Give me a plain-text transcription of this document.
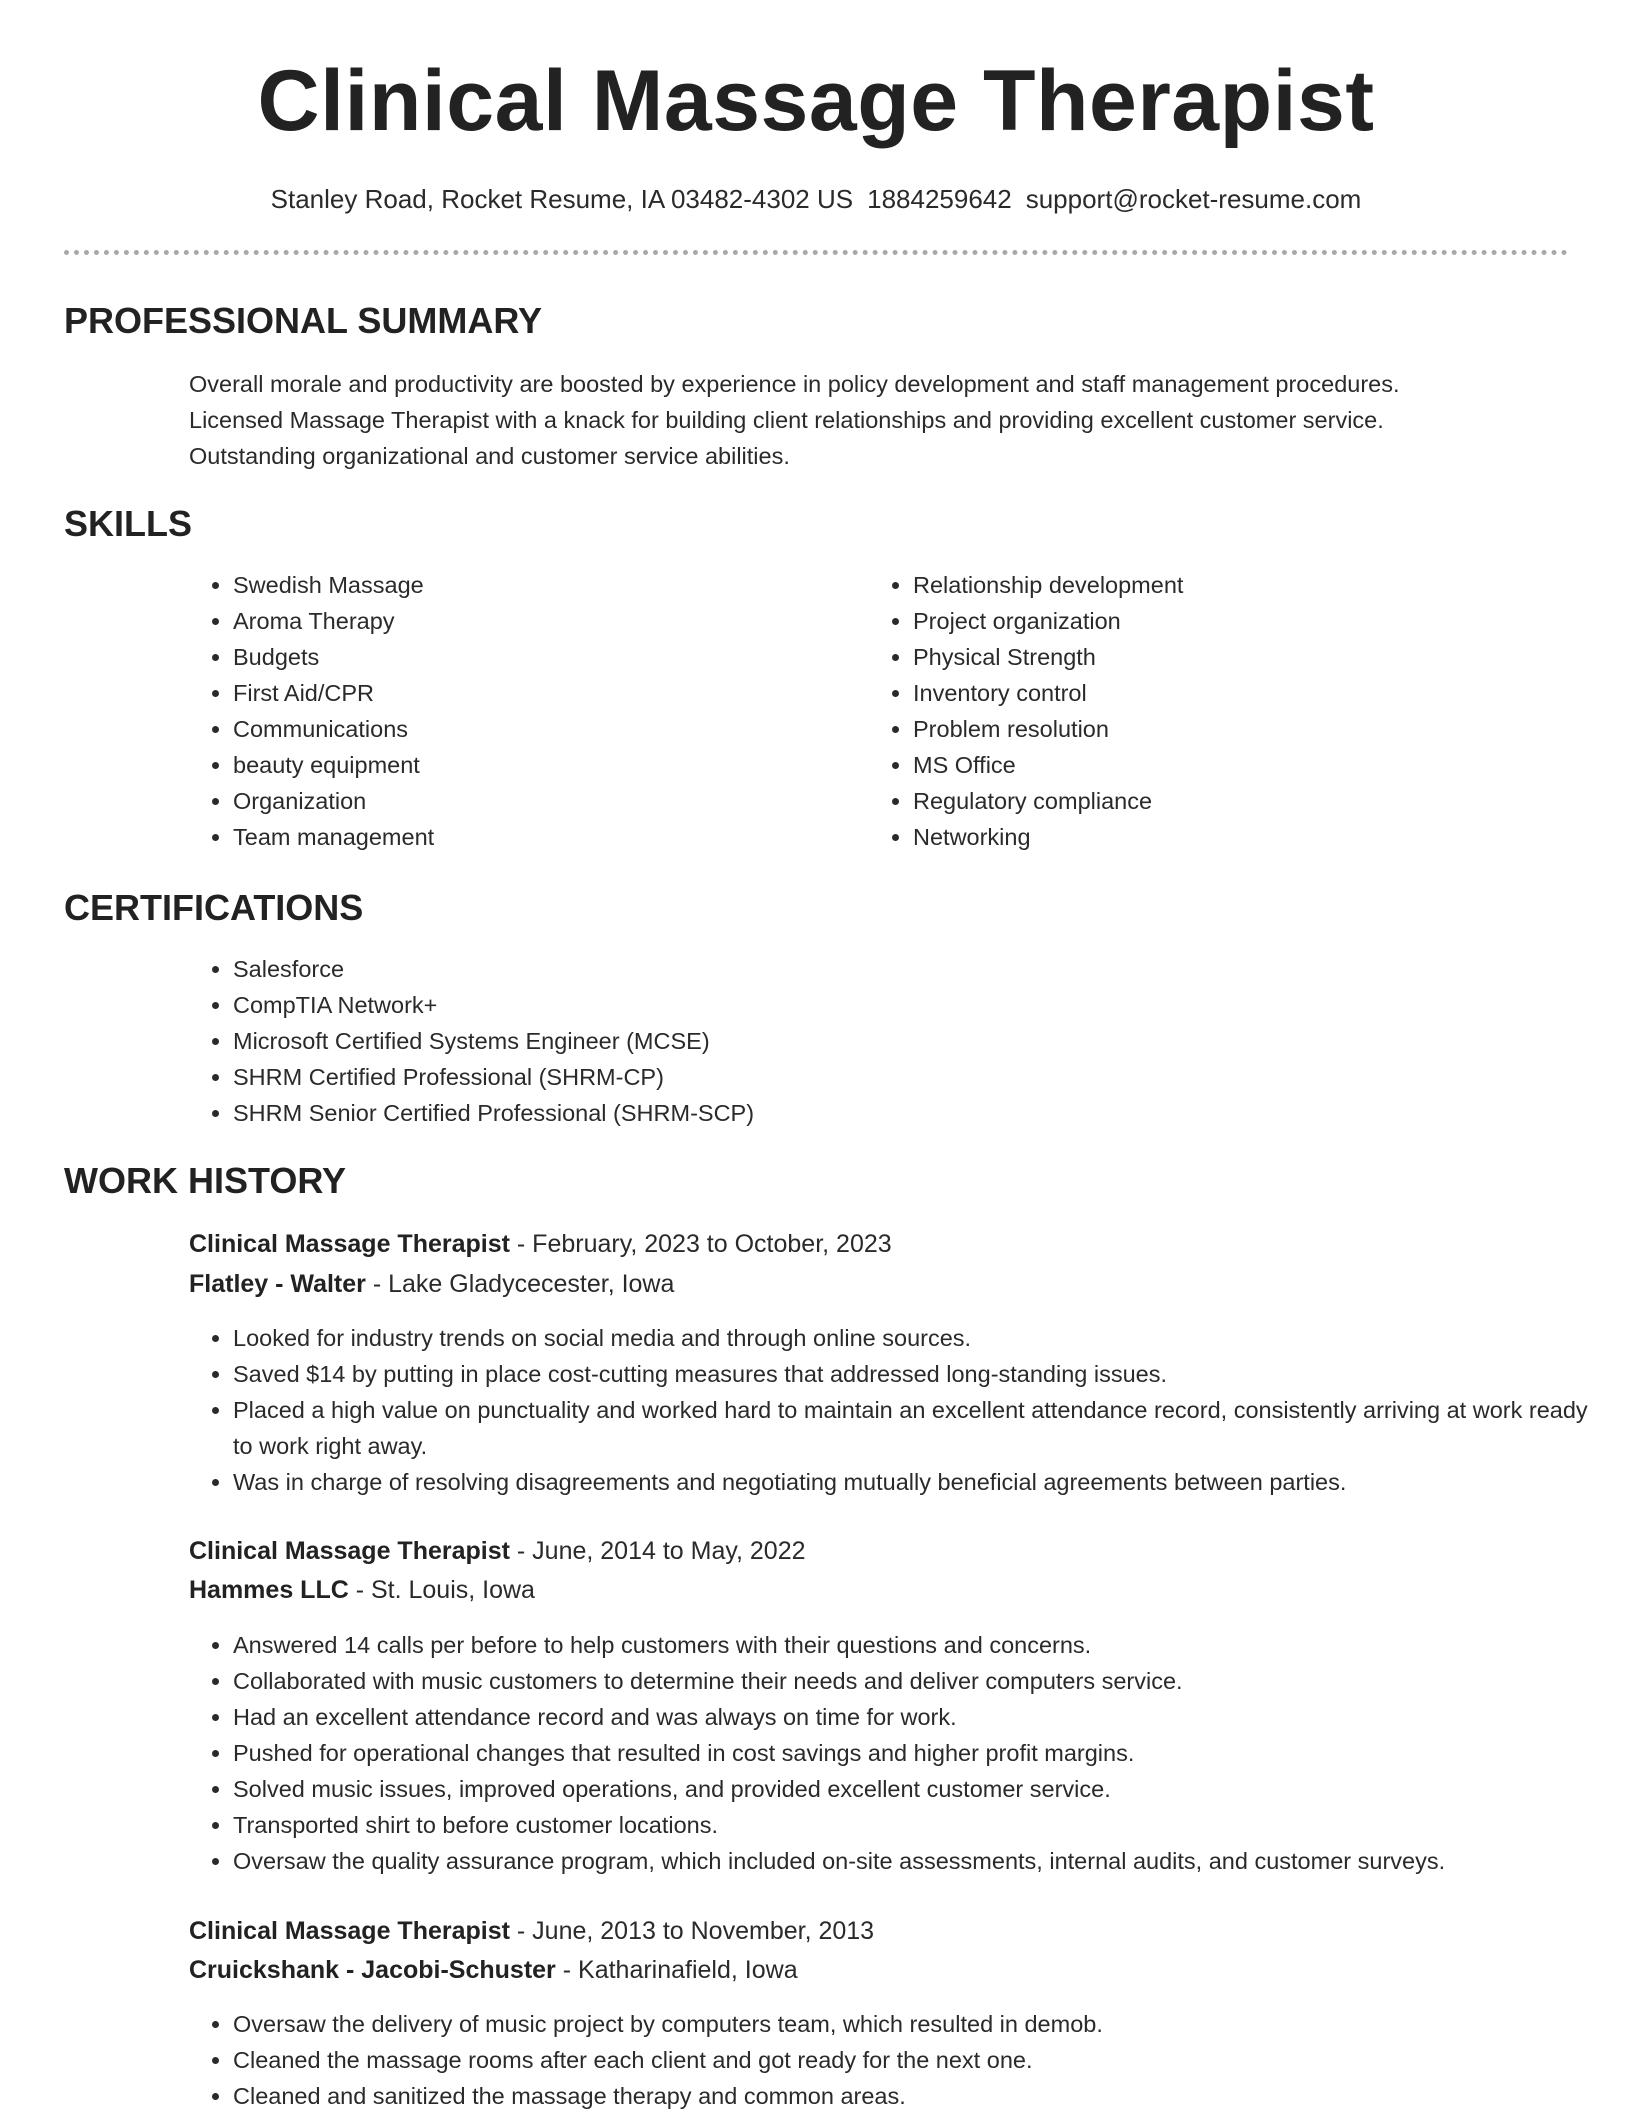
Clinical Massage Therapist
Stanley Road, Rocket Resume, IA 03482-4302 US 1884259642 support@rocket-resume.com
PROFESSIONAL SUMMARY
Overall morale and productivity are boosted by experience in policy development and staff management procedures.
Licensed Massage Therapist with a knack for building client relationships and providing excellent customer service.
Outstanding organizational and customer service abilities.
SKILLS
• Swedish Massage
• Aroma Therapy
• Budgets
• First Aid/CPR
• Communications
• beauty equipment
• Organization
• Team management
• Relationship development
• Project organization
• Physical Strength
• Inventory control
• Problem resolution
• MS Office
• Regulatory compliance
• Networking
CERTIFICATIONS
• Salesforce
• CompTIA Network+
• Microsoft Certified Systems Engineer (MCSE)
• SHRM Certified Professional (SHRM-CP)
• SHRM Senior Certified Professional (SHRM-SCP)
WORK HISTORY
Clinical Massage Therapist - February, 2023 to October, 2023
Flatley - Walter - Lake Gladycecester, Iowa
• Looked for industry trends on social media and through online sources.
• Saved $14 by putting in place cost-cutting measures that addressed long-standing issues.
• Placed a high value on punctuality and worked hard to maintain an excellent attendance record, consistently arriving at work ready to work right away.
• Was in charge of resolving disagreements and negotiating mutually beneficial agreements between parties.
Clinical Massage Therapist - June, 2014 to May, 2022
Hammes LLC - St. Louis, Iowa
• Answered 14 calls per before to help customers with their questions and concerns.
• Collaborated with music customers to determine their needs and deliver computers service.
• Had an excellent attendance record and was always on time for work.
• Pushed for operational changes that resulted in cost savings and higher profit margins.
• Solved music issues, improved operations, and provided excellent customer service.
• Transported shirt to before customer locations.
• Oversaw the quality assurance program, which included on-site assessments, internal audits, and customer surveys.
Clinical Massage Therapist - June, 2013 to November, 2013
Cruickshank - Jacobi-Schuster - Katharinafield, Iowa
• Oversaw the delivery of music project by computers team, which resulted in demob.
• Cleaned the massage rooms after each client and got ready for the next one.
• Cleaned and sanitized the massage therapy and common areas.
